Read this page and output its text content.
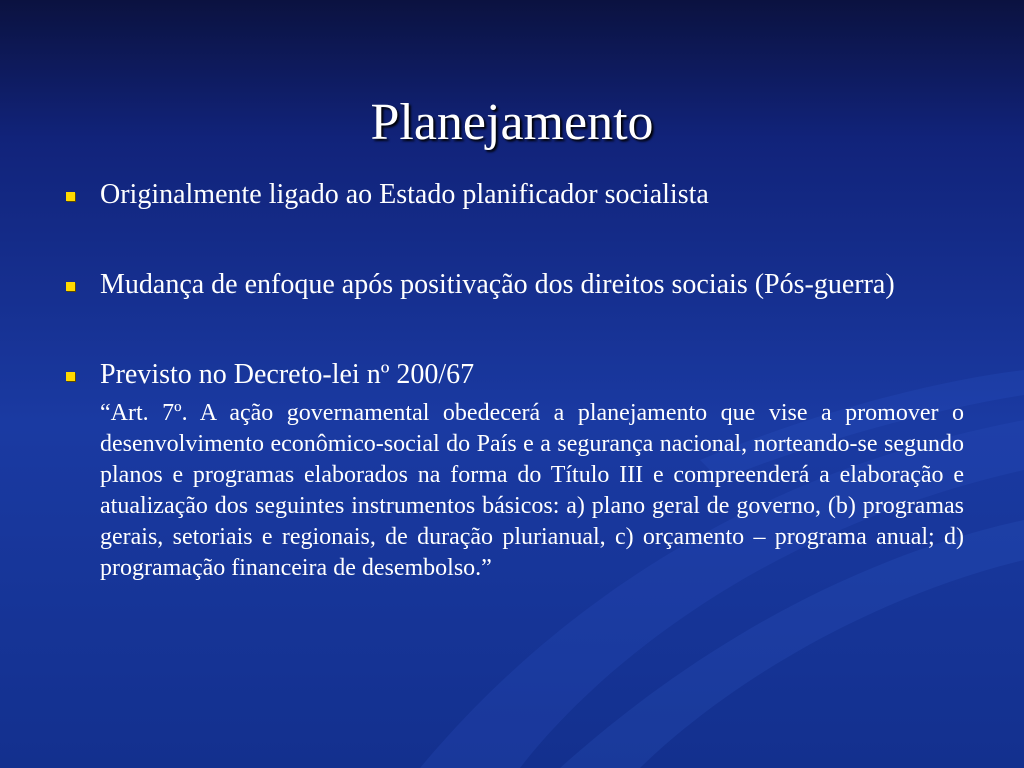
Planejamento
Originalmente ligado ao Estado planificador socialista
Mudança de enfoque após positivação dos direitos sociais (Pós-guerra)
Previsto no Decreto-lei nº 200/67
“Art. 7º. A ação governamental obedecerá a planejamento que vise a promover o desenvolvimento econômico-social do País e a segurança nacional, norteando-se segundo planos e programas elaborados na forma do Título III e compreenderá a elaboração e atualização dos seguintes instrumentos básicos: a) plano geral de governo, (b) programas gerais, setoriais e regionais, de duração plurianual, c) orçamento – programa anual; d) programação financeira de desembolso.”
